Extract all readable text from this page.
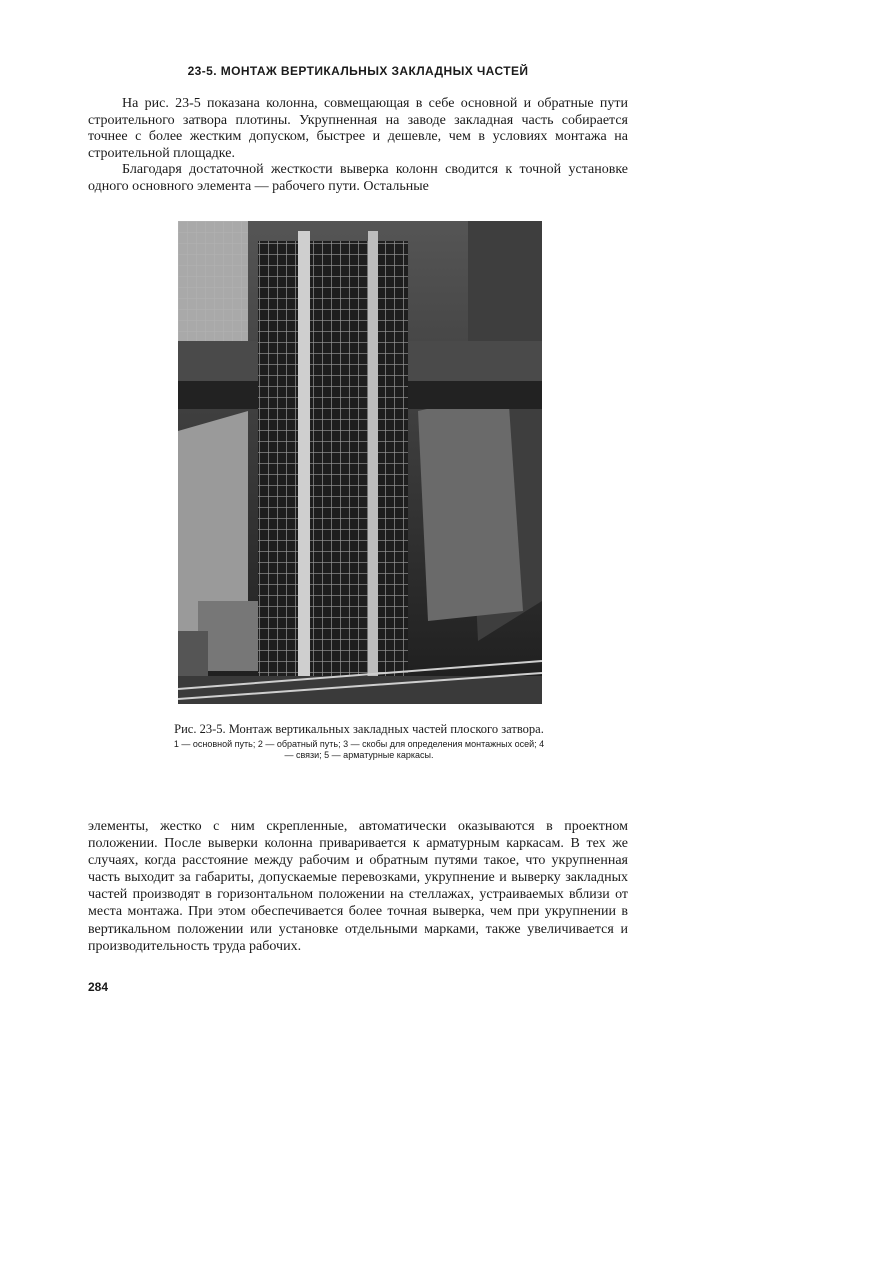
23-5. МОНТАЖ ВЕРТИКАЛЬНЫХ ЗАКЛАДНЫХ ЧАСТЕЙ

На рис. 23-5 показана колонна, совмещающая в себе основной и обратные пути строительного затвора плотины. Укрупненная на заводе закладная часть собирается точнее с более жестким допуском, быстрее и дешевле, чем в условиях монтажа на строительной площадке.

Благодаря достаточной жесткости выверка колонн сводится к точной установке одного основного элемента — рабочего пути. Остальные

Рис. 23-5. Монтаж вертикальных закладных частей плоского затвора.
1 — основной путь; 2 — обратный путь; 3 — скобы для определения монтажных осей; 4 — связи; 5 — арматурные каркасы.

элементы, жестко с ним скрепленные, автоматически оказываются в проектном положении. После выверки колонна приваривается к арматурным каркасам. В тех же случаях, когда расстояние между рабочим и обратным путями такое, что укрупненная часть выходит за габариты, допускаемые перевозками, укрупнение и выверку закладных частей производят в горизонтальном положении на стеллажах, устраиваемых вблизи от места монтажа. При этом обеспечивается более точная выверка, чем при укрупнении в вертикальном положении или установке отдельными марками, также увеличивается и производительность труда рабочих.

284
